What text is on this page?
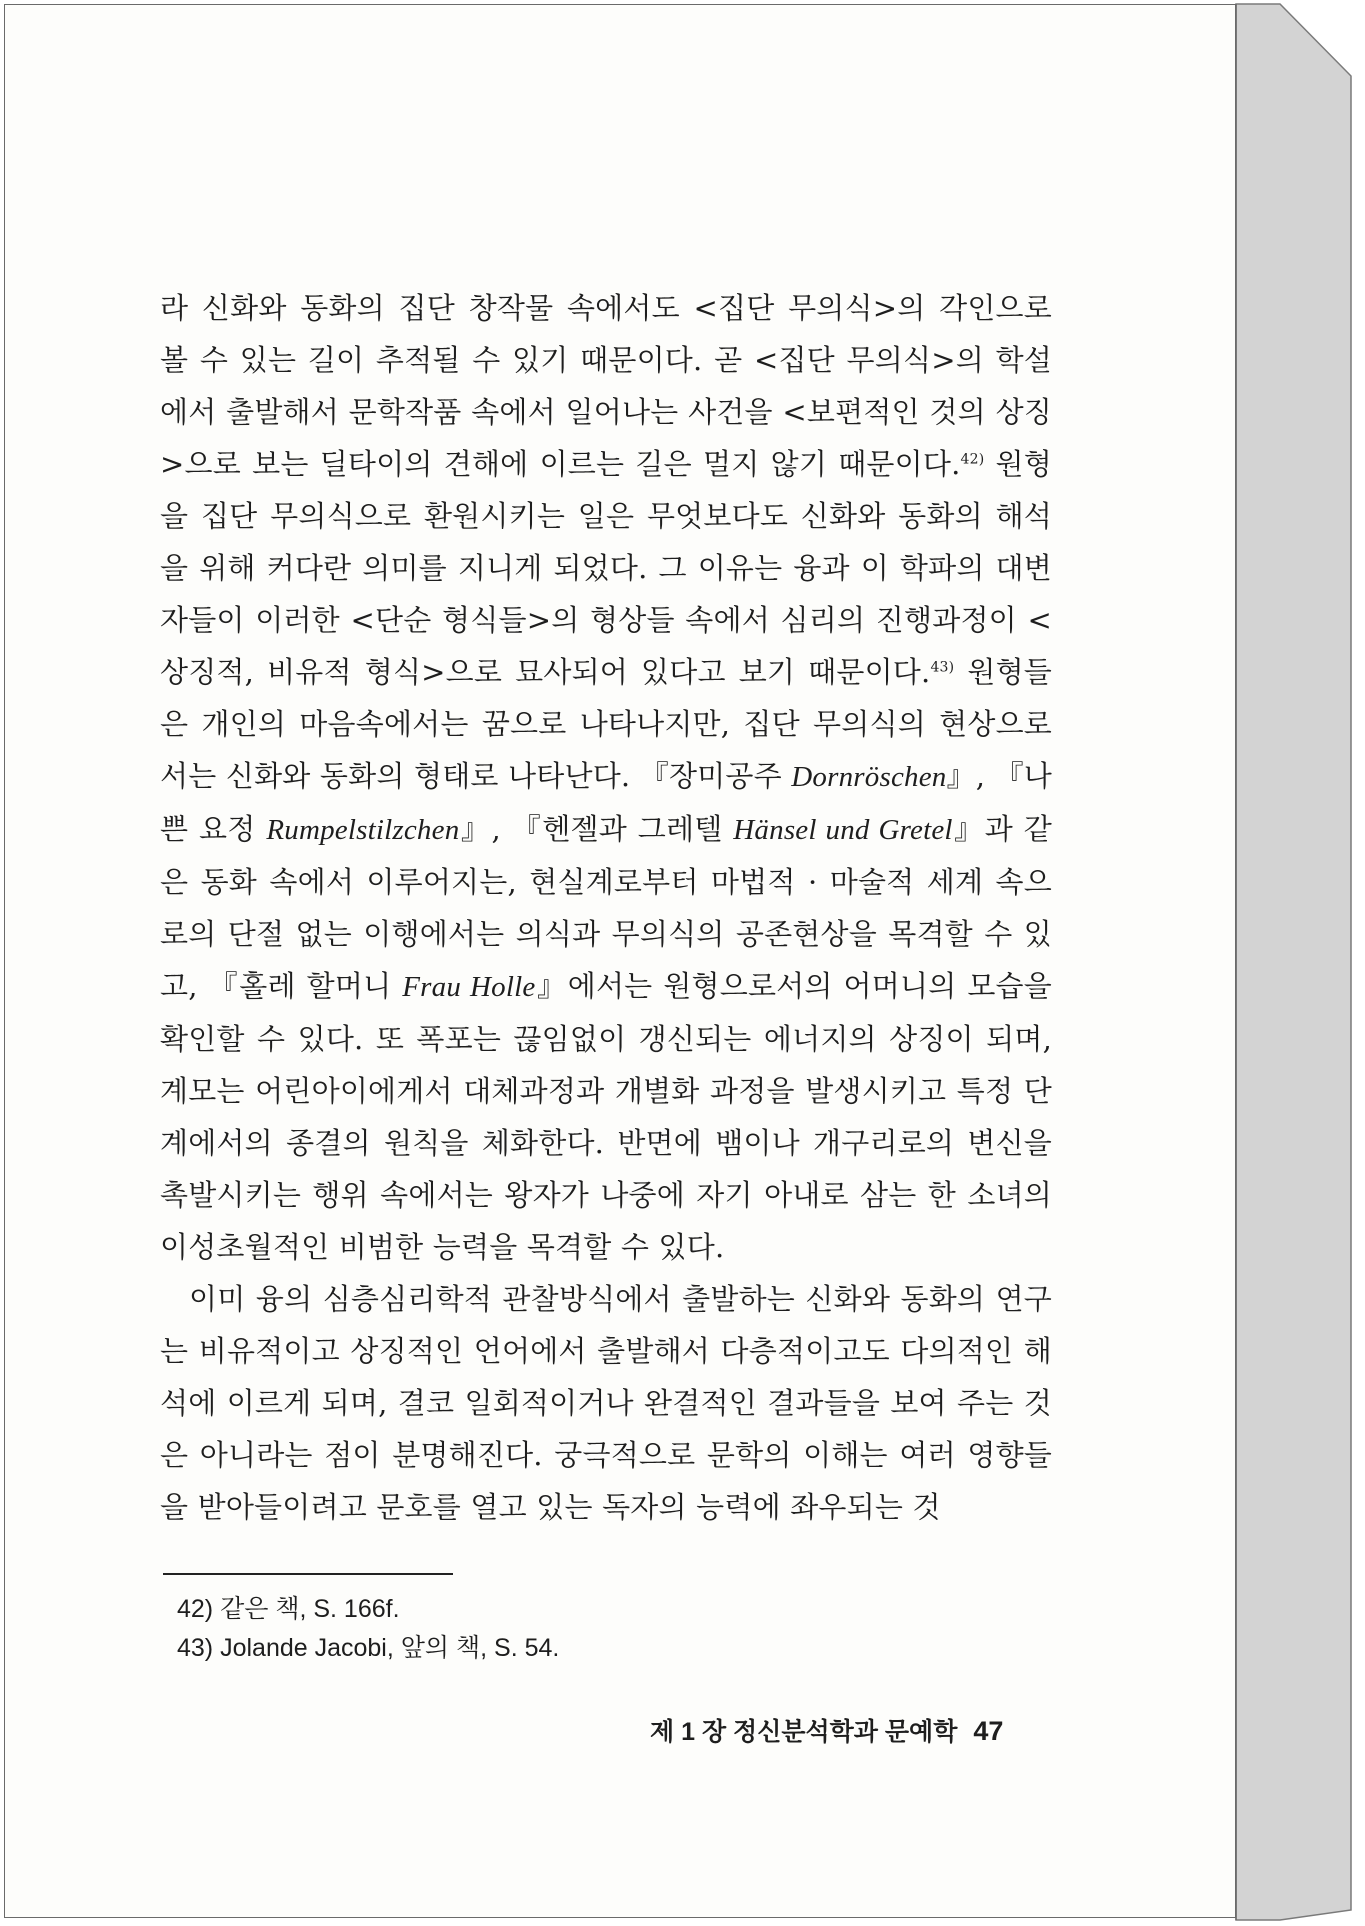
라 신화와 동화의 집단 창작물 속에서도 <집단 무의식>의 각인으로 볼 수 있는 길이 추적될 수 있기 때문이다. 곧 <집단 무의식>의 학설에서 출발해서 문학작품 속에서 일어나는 사건을 <보편적인 것의 상징>으로 보는 딜타이의 견해에 이르는 길은 멀지 않기 때문이다.$^{42)}$ 원형을 집단 무의식으로 환원시키는 일은 무엇보다도 신화와 동화의 해석을 위해 커다란 의미를 지니게 되었다. 그 이유는 융과 이 학파의 대변자들이 이러한 <단순 형식들>의 형상들 속에서 심리의 진행과정이 <상징적, 비유적 형식>으로 묘사되어 있다고 보기 때문이다.$^{43)}$ 원형들은 개인의 마음속에서는 꿈으로 나타나지만, 집단 무의식의 현상으로서는 신화와 동화의 형태로 나타난다. 『장미공주 Dornröschen』, 『나쁜 요정 Rumpelstilzchen』, 『헨젤과 그레텔 Hänsel und Gretel』과 같은 동화 속에서 이루어지는, 현실계로부터 마법적 · 마술적 세계 속으로의 단절 없는 이행에서는 의식과 무의식의 공존현상을 목격할 수 있고, 『홀레 할머니 Frau Holle』에서는 원형으로서의 어머니의 모습을 확인할 수 있다. 또 폭포는 끊임없이 갱신되는 에너지의 상징이 되며, 계모는 어린아이에게서 대체과정과 개별화 과정을 발생시키고 특정 단계에서의 종결의 원칙을 체화한다. 반면에 뱀이나 개구리로의 변신을 촉발시키는 행위 속에서는 왕자가 나중에 자기 아내로 삼는 한 소녀의 이성초월적인 비범한 능력을 목격할 수 있다.

이미 융의 심층심리학적 관찰방식에서 출발하는 신화와 동화의 연구는 비유적이고 상징적인 언어에서 출발해서 다층적이고도 다의적인 해석에 이르게 되며, 결코 일회적이거나 완결적인 결과들을 보여 주는 것은 아니라는 점이 분명해진다. 궁극적으로 문학의 이해는 여러 영향들을 받아들이려고 문호를 열고 있는 독자의 능력에 좌우되는 것

42) 같은 책, S. 166f.

43) Jolande Jacobi, 앞의 책, S. 54.

제 1 장 정신분석학과 문예학 47
